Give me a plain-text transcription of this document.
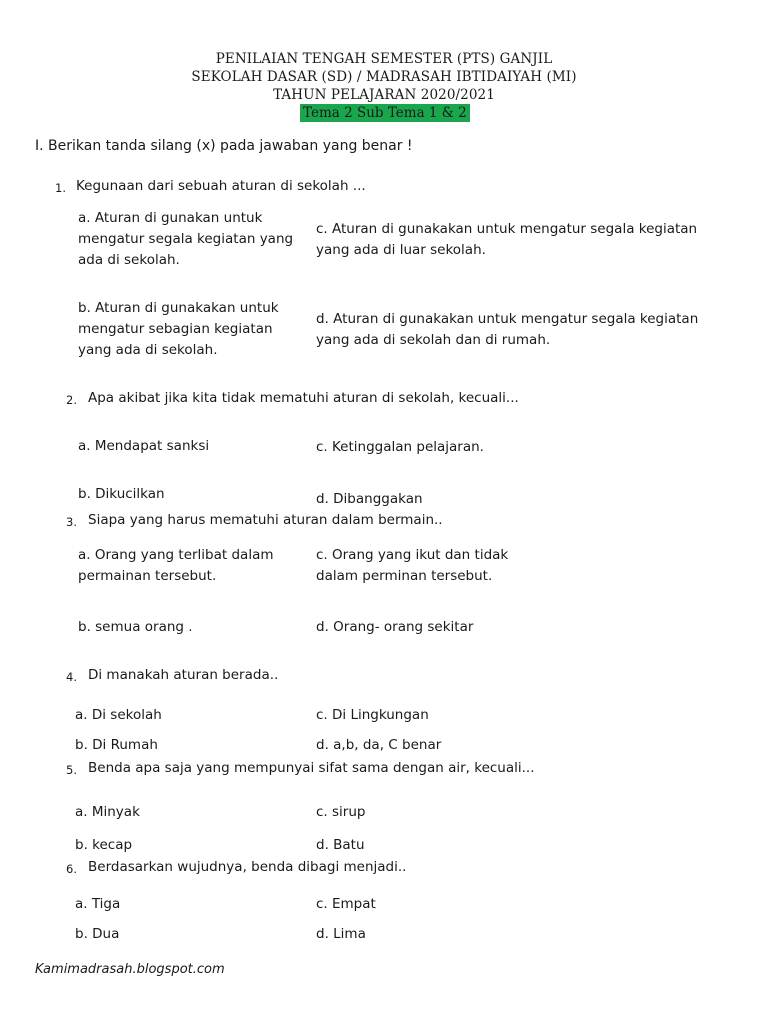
PENILAIAN TENGAH SEMESTER (PTS) GANJIL
SEKOLAH DASAR (SD) / MADRASAH IBTIDAIYAH (MI)
TAHUN PELAJARAN 2020/2021
Tema 2 Sub Tema 1 & 2
I. Berikan tanda silang (x) pada jawaban yang benar !
1. Kegunaan dari sebuah aturan di sekolah ...
a. Aturan di gunakan untuk mengatur segala kegiatan yang ada di sekolah.
c. Aturan di gunakakan untuk mengatur segala kegiatan yang ada di luar sekolah.
b. Aturan di gunakakan untuk mengatur sebagian kegiatan yang ada di sekolah.
d. Aturan di gunakakan untuk mengatur segala kegiatan yang ada di sekolah dan di rumah.
2. Apa akibat jika kita tidak mematuhi aturan di sekolah, kecuali...
a. Mendapat sanksi	c. Ketinggalan pelajaran.
b. Dikucilkan	d. Dibanggakan
3. Siapa yang harus mematuhi aturan dalam bermain..
a. Orang yang terlibat dalam permainan tersebut.
c. Orang yang ikut dan tidak dalam perminan tersebut.
b. semua orang .	d. Orang- orang sekitar
4. Di manakah aturan berada..
a. Di sekolah	c. Di Lingkungan
b. Di Rumah	d. a,b, da, C benar
5. Benda apa saja yang mempunyai sifat sama dengan air, kecuali...
a. Minyak	c. sirup
b. kecap	d. Batu
6. Berdasarkan wujudnya, benda dibagi menjadi..
a. Tiga	c. Empat
b. Dua	d. Lima
Kamimadrasah.blogspot.com
